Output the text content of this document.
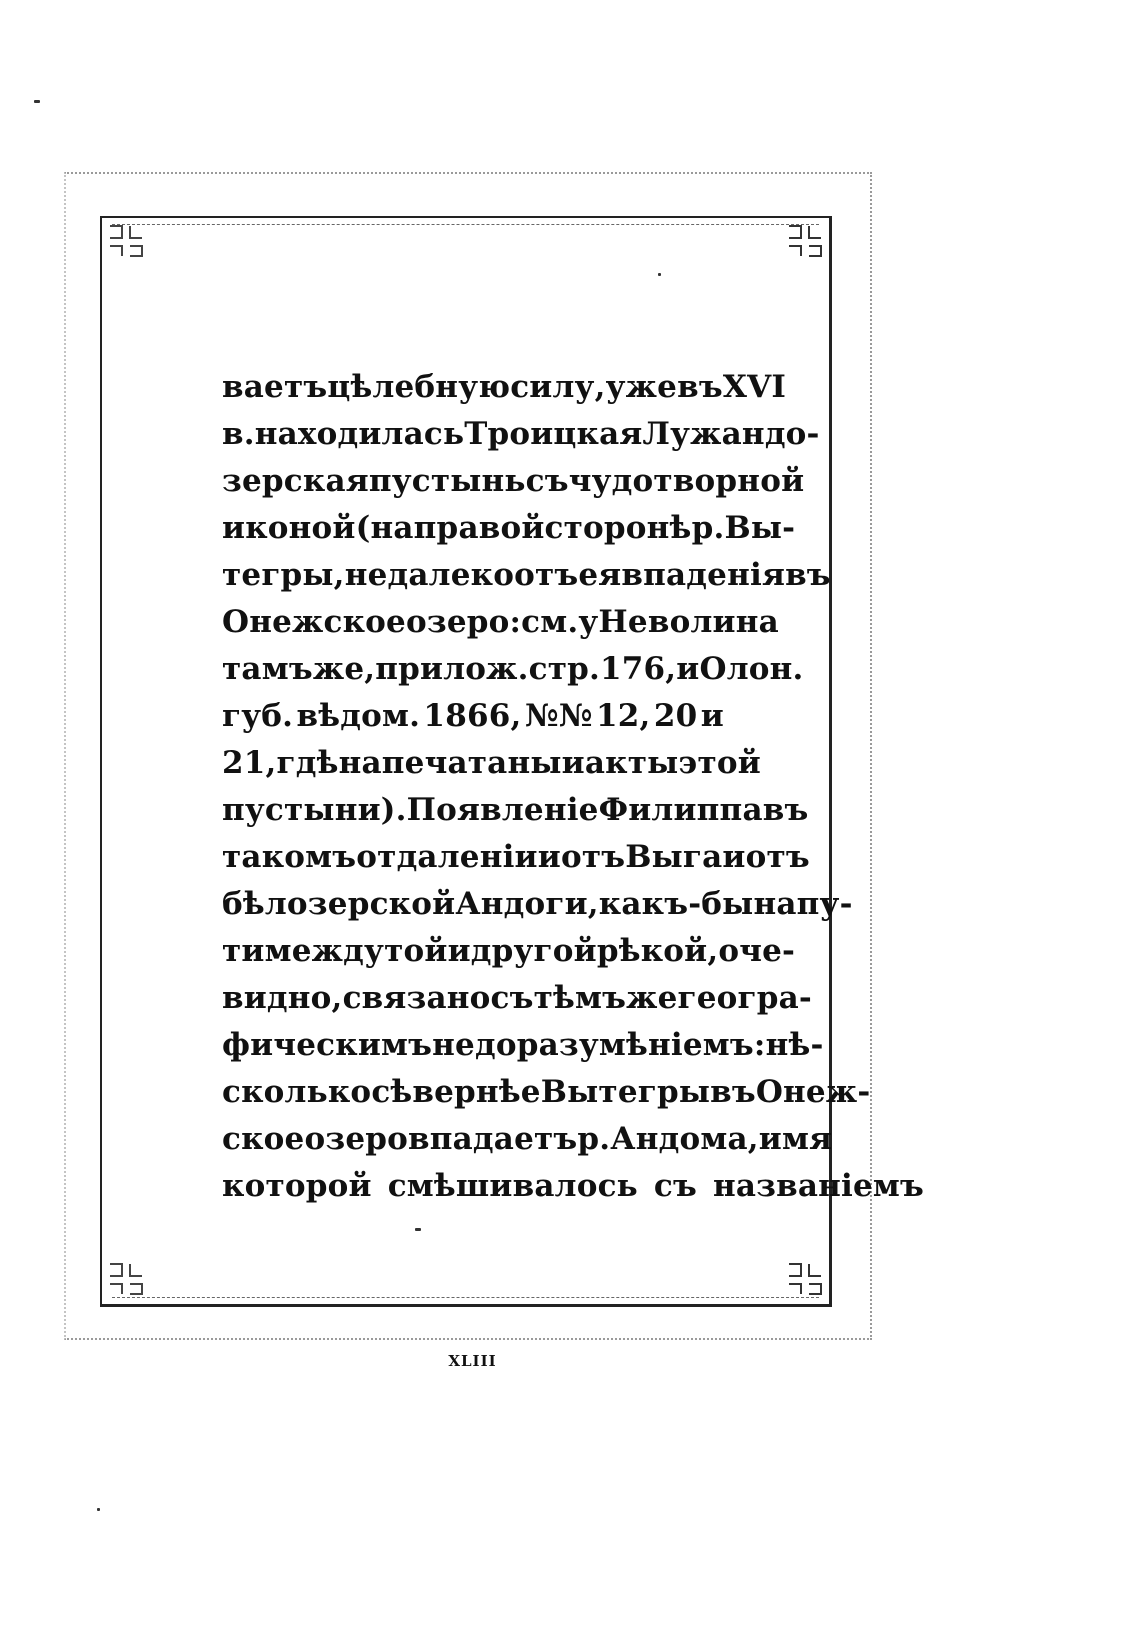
ваетъ цѣлебную силу, уже въ XVI
в. находилась Троицкая Лужандо-
зерская пустынь съ чудотворной
иконой (на правой сторонѣ р. Вы-
тегры, недалеко отъ ея впаденія въ
Онежское озеро: см. у Неволина
тамъ же, прилож. стр. 176, и Олон.
губ. вѣдом. 1866, №№ 12, 20 и
21, гдѣ напечатаны и акты этой
пустыни). Появленіе Филиппа въ
такомъ отдаленіи и отъ Выга и отъ
бѣлозерской Андоги, какъ-бы на пу-
ти между той и другой рѣкой, оче-
видно, связано съ тѣмъ же геогра-
фическимъ недоразумѣніемъ: нѣ-
сколько сѣвернѣе Вытегры въ Онеж-
ское озеро впадаетъ р. Андома, имя
которой смѣшивалось съ названіемъ
XLIII
